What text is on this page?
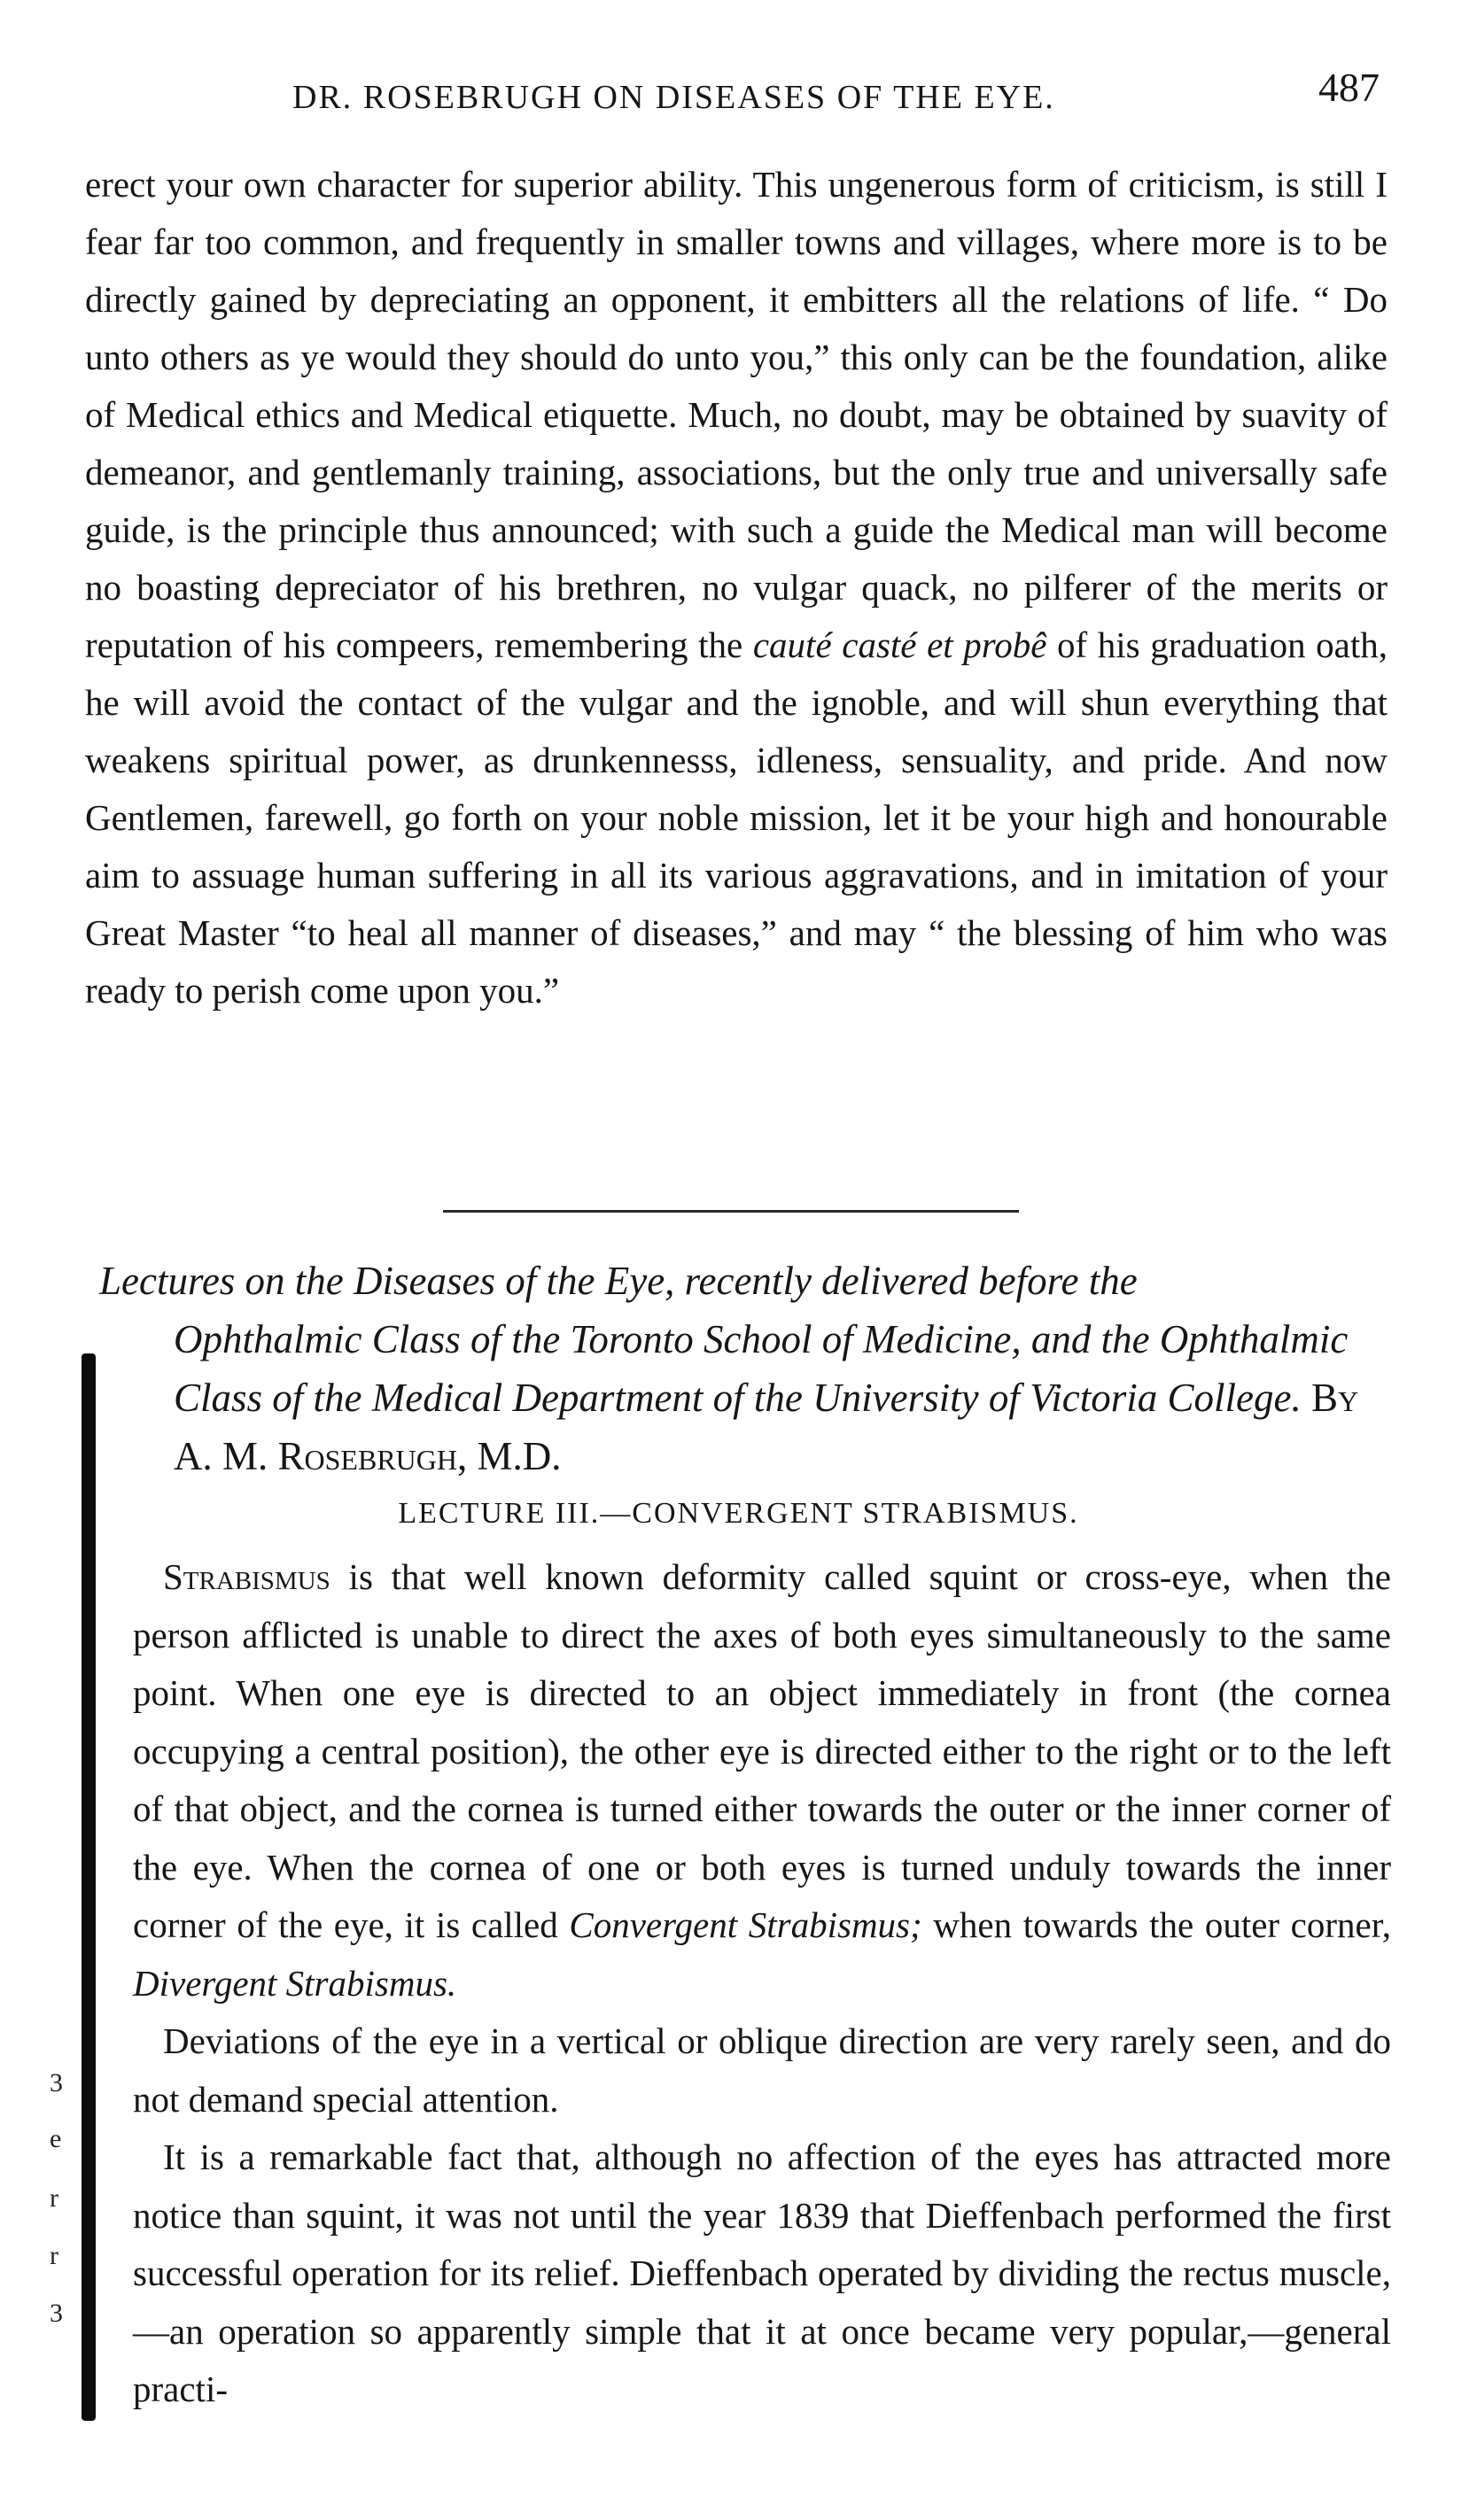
DR. ROSEBRUGH ON DISEASES OF THE EYE.	487

erect your own character for superior ability. This ungenerous form of criticism, is still I fear far too common, and frequently in smaller towns and villages, where more is to be directly gained by depreciating an opponent, it embitters all the relations of life. “ Do unto others as ye would they should do unto you,” this only can be the foundation, alike of Medical ethics and Medical etiquette. Much, no doubt, may be obtained by suavity of demeanor, and gentlemanly training, associations, but the only true and universally safe guide, is the principle thus announced; with such a guide the Medical man will become no boasting depreciator of his brethren, no vulgar quack, no pilferer of the merits or reputation of his compeers, remembering the cauté casté et probê of his graduation oath, he will avoid the contact of the vulgar and the ignoble, and will shun everything that weakens spiritual power, as drunkennesss, idleness, sensuality, and pride. And now Gentlemen, farewell, go forth on your noble mission, let it be your high and honourable aim to assuage human suffering in all its various aggravations, and in imitation of your Great Master “to heal all manner of diseases,” and may “ the blessing of him who was ready to perish come upon you.”

Lectures on the Diseases of the Eye, recently delivered before the
Ophthalmic Class of the Toronto School of Medicine, and the Ophthalmic Class of the Medical Department of the University of Victoria College. By A. M. Rosebrugh, M.D.
LECTURE III.—CONVERGENT STRABISMUS.

Strabismus is that well known deformity called squint or cross-eye, when the person afflicted is unable to direct the axes of both eyes simultaneously to the same point. When one eye is directed to an object immediately in front (the cornea occupying a central position), the other eye is directed either to the right or to the left of that object, and the cornea is turned either towards the outer or the inner corner of the eye. When the cornea of one or both eyes is turned unduly towards the inner corner of the eye, it is called Convergent Strabismus; when towards the outer corner, Divergent Strabismus.

Deviations of the eye in a vertical or oblique direction are very rarely seen, and do not demand special attention.

It is a remarkable fact that, although no affection of the eyes has attracted more notice than squint, it was not until the year 1839 that Dieffenbach performed the first successful operation for its relief. Dieffenbach operated by dividing the rectus muscle,—an operation so apparently simple that it at once became very popular,—general practi-

3
e
r
r
3
